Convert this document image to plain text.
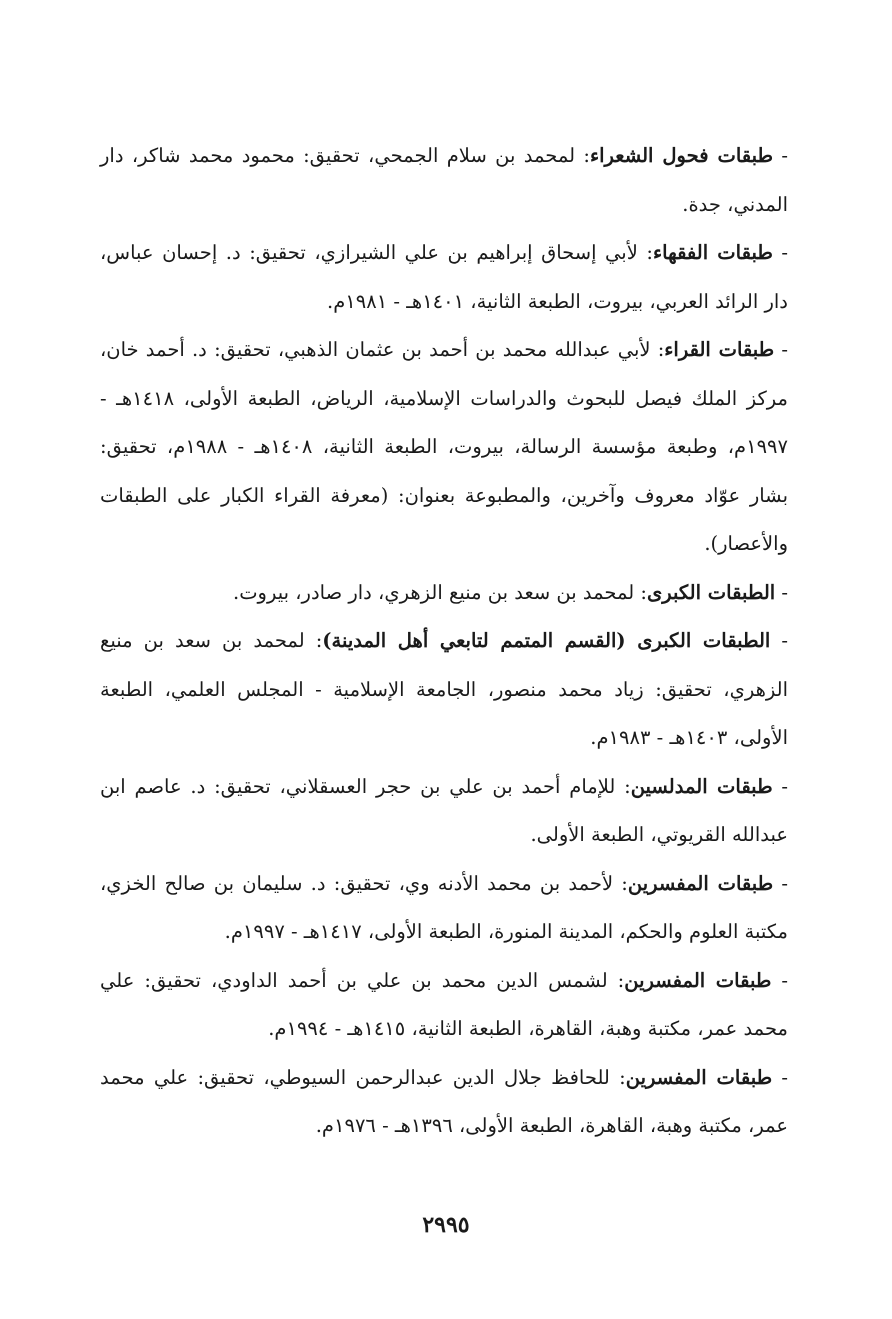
- طبقات فحول الشعراء: لمحمد بن سلام الجمحي، تحقيق: محمود محمد شاكر، دار المدني، جدة.

- طبقات الفقهاء: لأبي إسحاق إبراهيم بن علي الشيرازي، تحقيق: د. إحسان عباس، دار الرائد العربي، بيروت، الطبعة الثانية، ١٤٠١هـ - ١٩٨١م.

- طبقات القراء: لأبي عبدالله محمد بن أحمد بن عثمان الذهبي، تحقيق: د. أحمد خان، مركز الملك فيصل للبحوث والدراسات الإسلامية، الرياض، الطبعة الأولى، ١٤١٨هـ - ١٩٩٧م، وطبعة مؤسسة الرسالة، بيروت، الطبعة الثانية، ١٤٠٨هـ - ١٩٨٨م، تحقيق: بشار عوّاد معروف وآخرين، والمطبوعة بعنوان: (معرفة القراء الكبار على الطبقات والأعصار).

- الطبقات الكبرى: لمحمد بن سعد بن منيع الزهري، دار صادر، بيروت.

- الطبقات الكبرى (القسم المتمم لتابعي أهل المدينة): لمحمد بن سعد بن منيع الزهري، تحقيق: زياد محمد منصور، الجامعة الإسلامية - المجلس العلمي، الطبعة الأولى، ١٤٠٣هـ - ١٩٨٣م.

- طبقات المدلسين: للإمام أحمد بن علي بن حجر العسقلاني، تحقيق: د. عاصم ابن عبدالله القريوتي، الطبعة الأولى.

- طبقات المفسرين: لأحمد بن محمد الأدنه وي، تحقيق: د. سليمان بن صالح الخزي، مكتبة العلوم والحكم، المدينة المنورة، الطبعة الأولى، ١٤١٧هـ - ١٩٩٧م.

- طبقات المفسرين: لشمس الدين محمد بن علي بن أحمد الداودي، تحقيق: علي محمد عمر، مكتبة وهبة، القاهرة، الطبعة الثانية، ١٤١٥هـ - ١٩٩٤م.

- طبقات المفسرين: للحافظ جلال الدين عبدالرحمن السيوطي، تحقيق: علي محمد عمر، مكتبة وهبة، القاهرة، الطبعة الأولى، ١٣٩٦هـ - ١٩٧٦م.

٢٩٩٥
